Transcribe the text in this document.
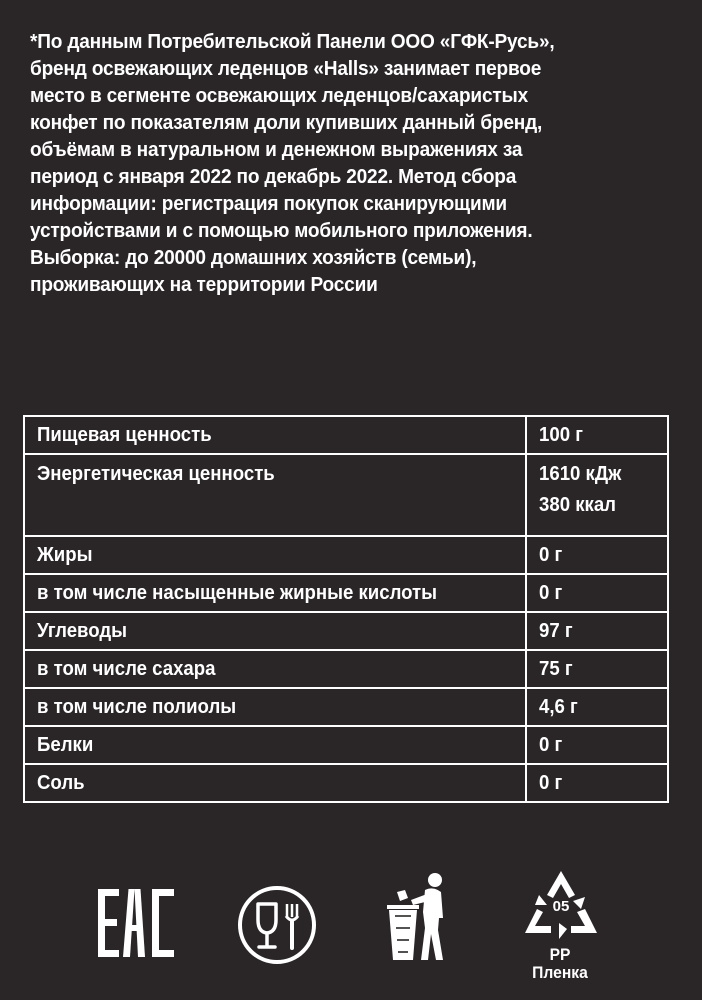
*По данным Потребительской Панели ООО «ГФК-Русь»,
бренд освежающих леденцов «Halls» занимает первое
место в сегменте освежающих леденцов/сахаристых
конфет по показателям доли купивших данный бренд,
объёмам в натуральном и денежном выражениях за
период с января 2022 по декабрь 2022. Метод сбора
информации: регистрация покупок сканирующими
устройствами и с помощью мобильного приложения.
Выборка: до 20000 домашних хозяйств (семьи),
проживающих на территории России
Пищевая ценность	100 г
Энергетическая ценность	1610 кДж
380 ккал

Жиры	0 г
в том числе насыщенные жирные кислоты	0 г
Углеводы	97 г
в том числе сахара	75 г
в том числе полиолы	4,6 г
Белки	0 г
Соль	0 г
05
PP
Пленка
